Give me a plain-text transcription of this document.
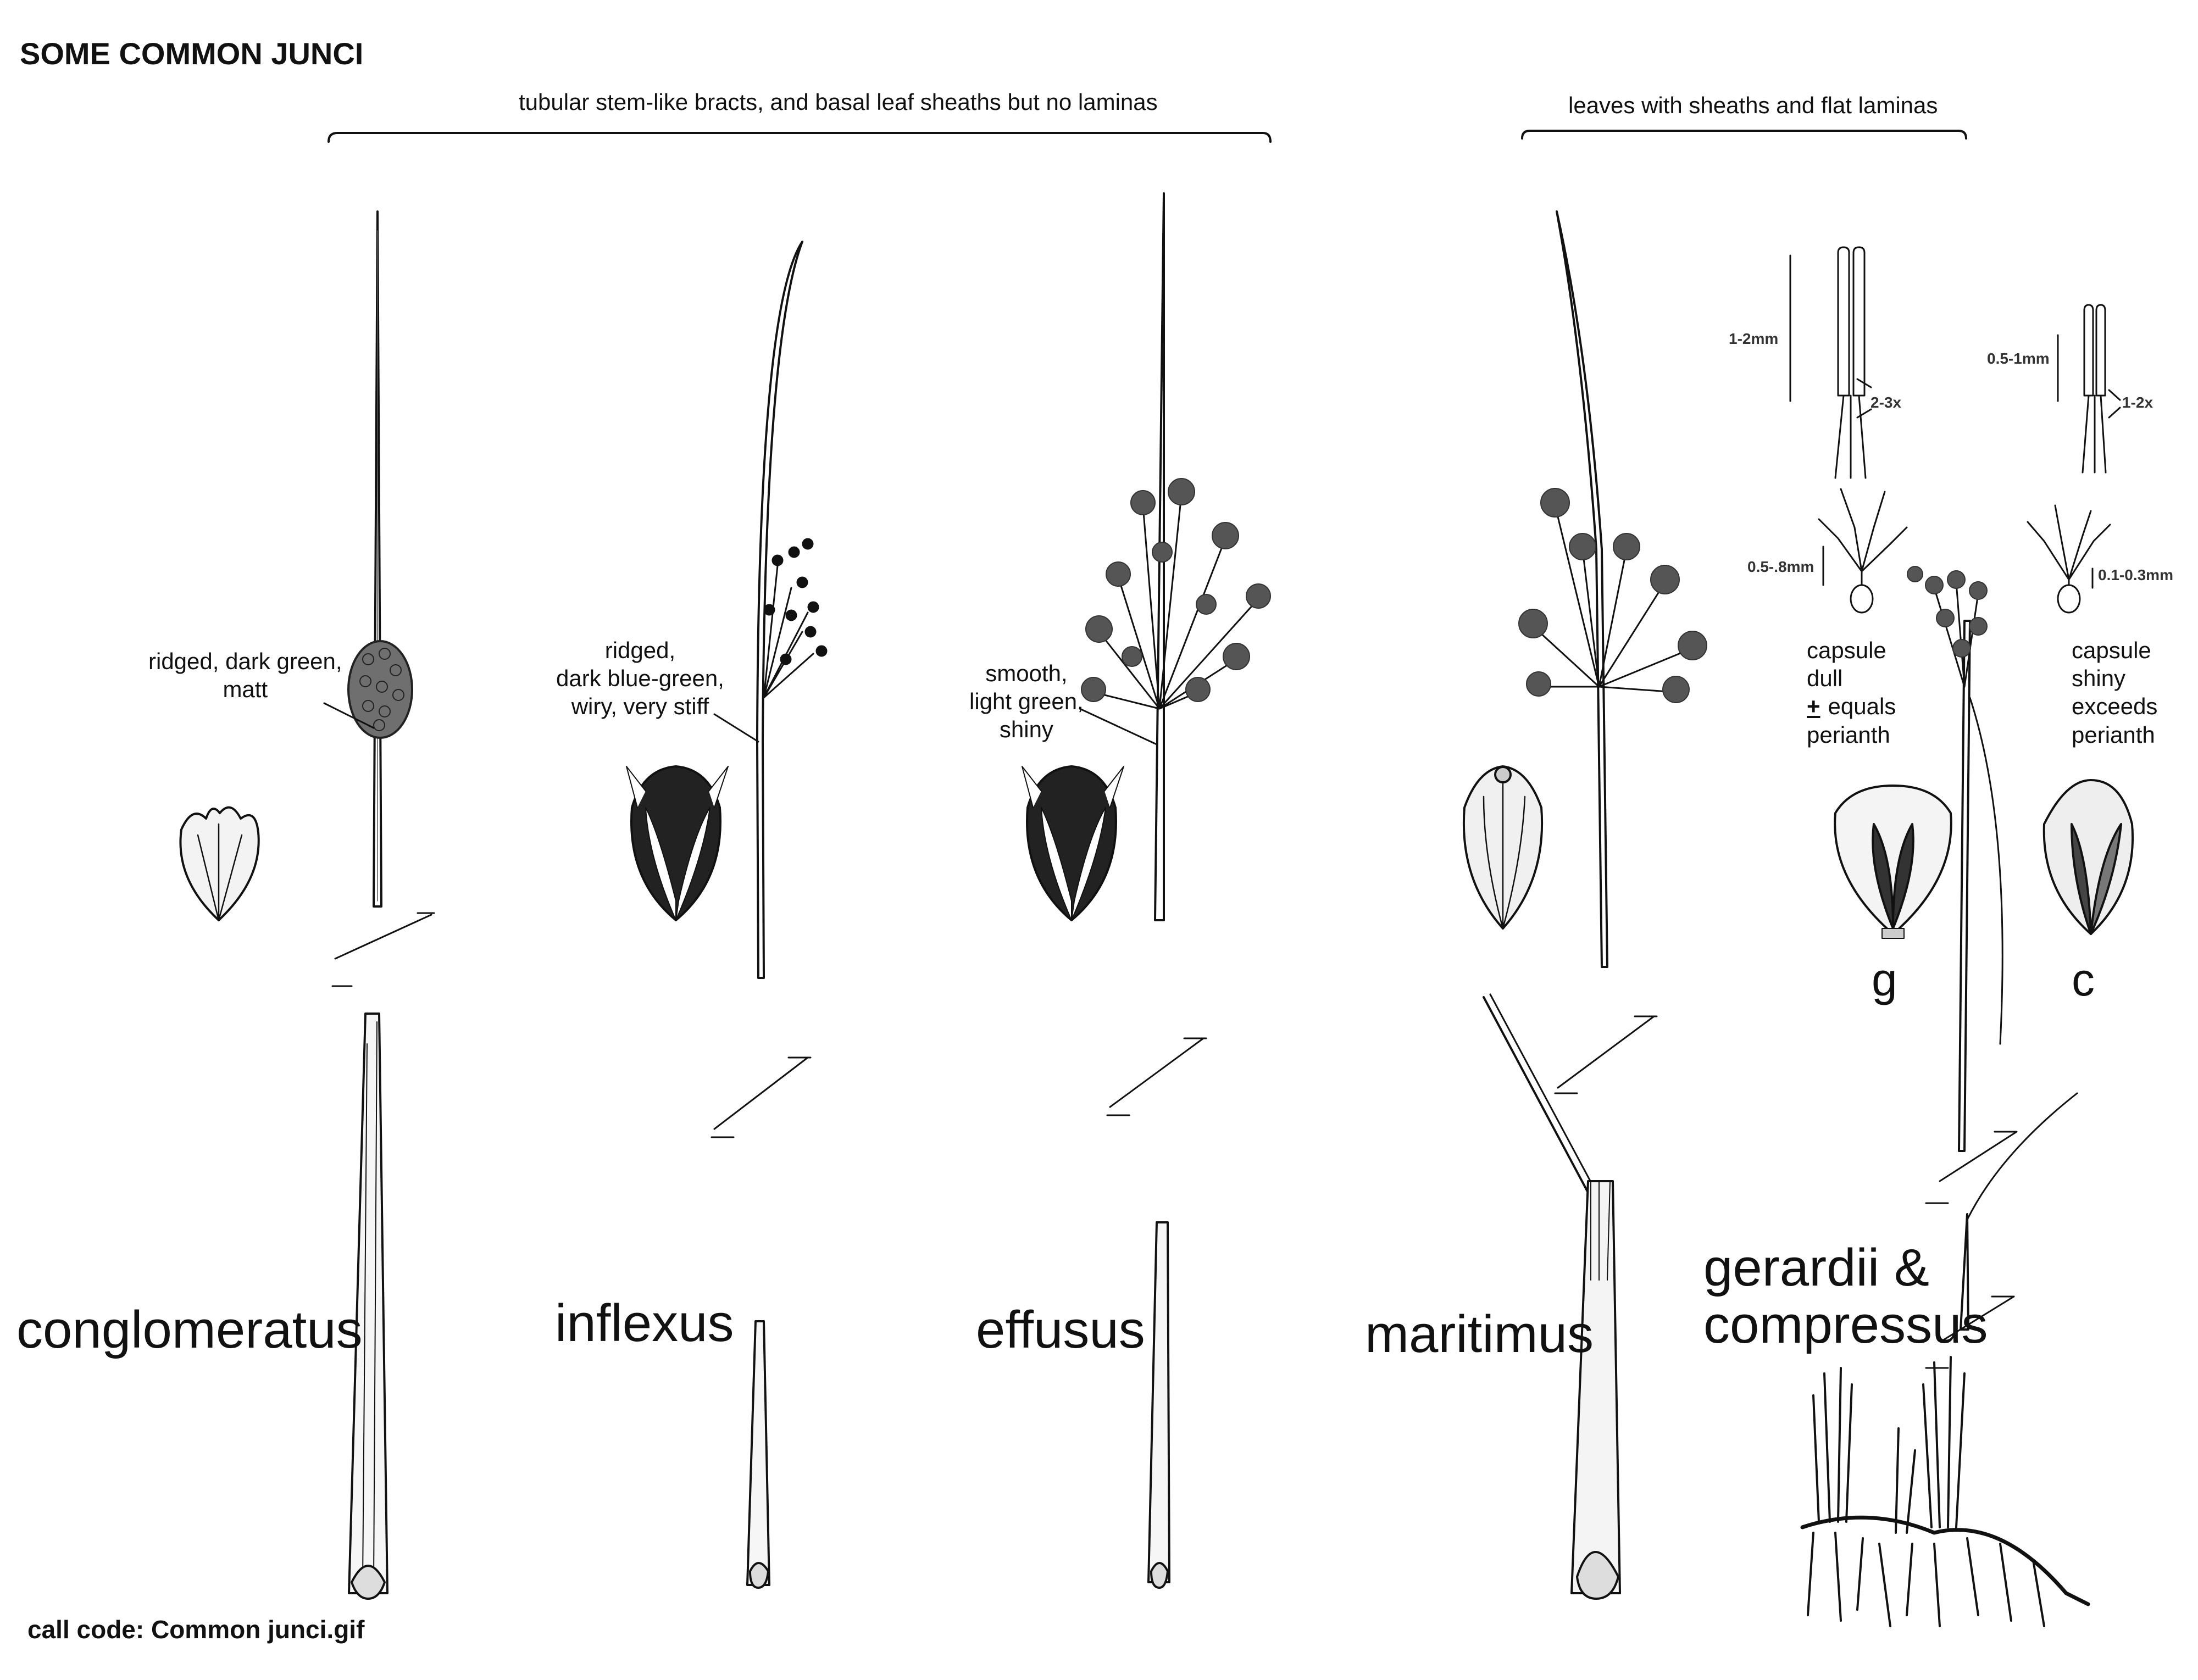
SOME COMMON JUNCI
tubular stem-like bracts, and basal leaf sheaths but no laminas	leaves with sheaths and flat laminas
ridged, dark green,
matt
ridged,
dark blue-green,
wiry, very stiff
smooth,
light green,
shiny
1-2mm
2-3x
0.5-.8mm
0.5-1mm
1-2x
0.1-0.3mm
capsule
dull
+ equals
perianth
capsule
shiny
exceeds
perianth
g	c
conglomeratus	inflexus	effusus	maritimus
gerardii &
compressus
call code: Common junci.gif
